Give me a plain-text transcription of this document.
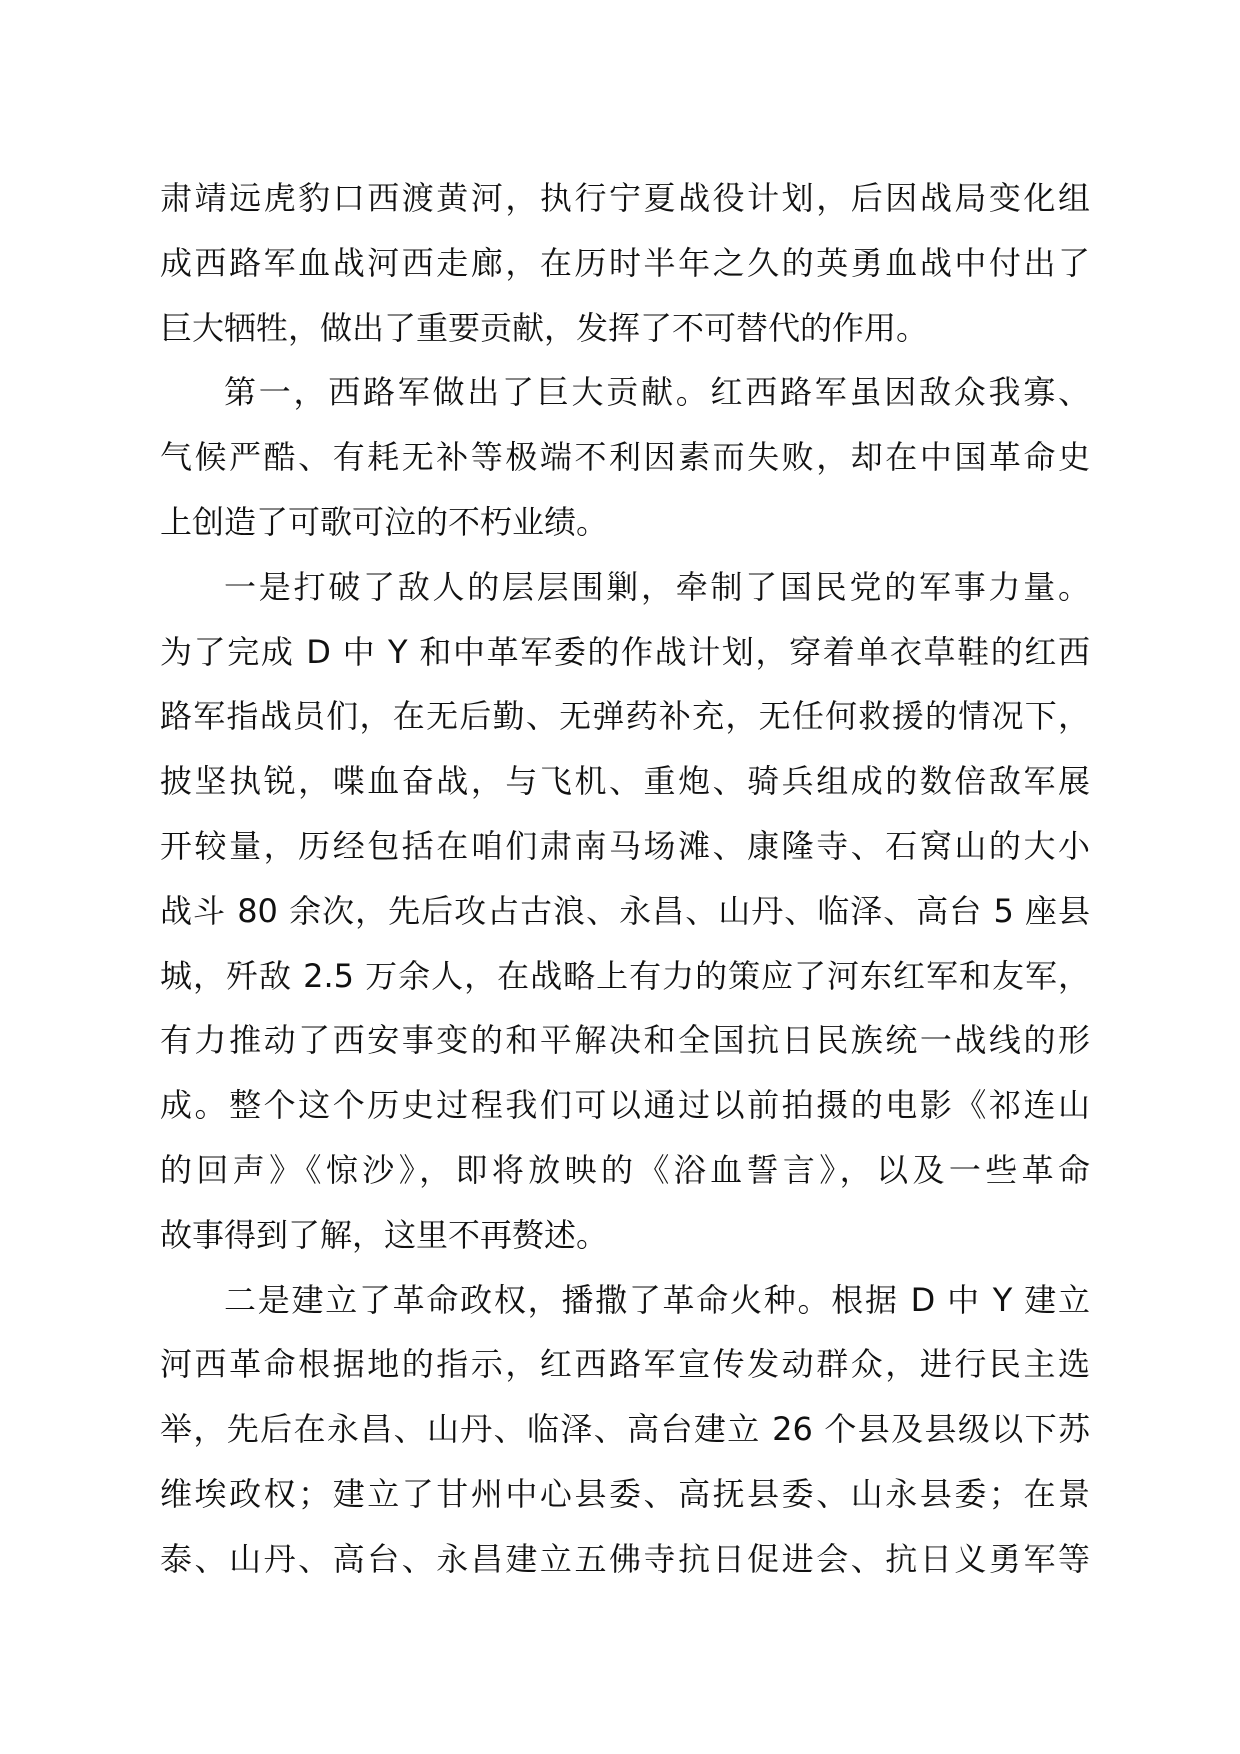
肃靖远虎豹口西渡黄河，执行宁夏战役计划，后因战局变化组
成西路军血战河西走廊，在历时半年之久的英勇血战中付出了
巨大牺牲，做出了重要贡献，发挥了不可替代的作用。
第一，西路军做出了巨大贡献。红西路军虽因敌众我寡、
气候严酷、有耗无补等极端不利因素而失败，却在中国革命史
上创造了可歌可泣的不朽业绩。
一是打破了敌人的层层围剿，牵制了国民党的军事力量。
为了完成 D 中 Y 和中革军委的作战计划，穿着单衣草鞋的红西
路军指战员们，在无后勤、无弹药补充，无任何救援的情况下，
披坚执锐，喋血奋战，与飞机、重炮、骑兵组成的数倍敌军展
开较量，历经包括在咱们肃南马场滩、康隆寺、石窝山的大小
战斗 80 余次，先后攻占古浪、永昌、山丹、临泽、高台 5 座县
城，歼敌 2.5 万余人，在战略上有力的策应了河东红军和友军，
有力推动了西安事变的和平解决和全国抗日民族统一战线的形
成。整个这个历史过程我们可以通过以前拍摄的电影《祁连山
的回声》《惊沙》，即将放映的《浴血誓言》，以及一些革命
故事得到了解，这里不再赘述。
二是建立了革命政权，播撒了革命火种。根据 D 中 Y 建立
河西革命根据地的指示，红西路军宣传发动群众，进行民主选
举，先后在永昌、山丹、临泽、高台建立 26 个县及县级以下苏
维埃政权；建立了甘州中心县委、高抚县委、山永县委；在景
泰、山丹、高台、永昌建立五佛寺抗日促进会、抗日义勇军等
